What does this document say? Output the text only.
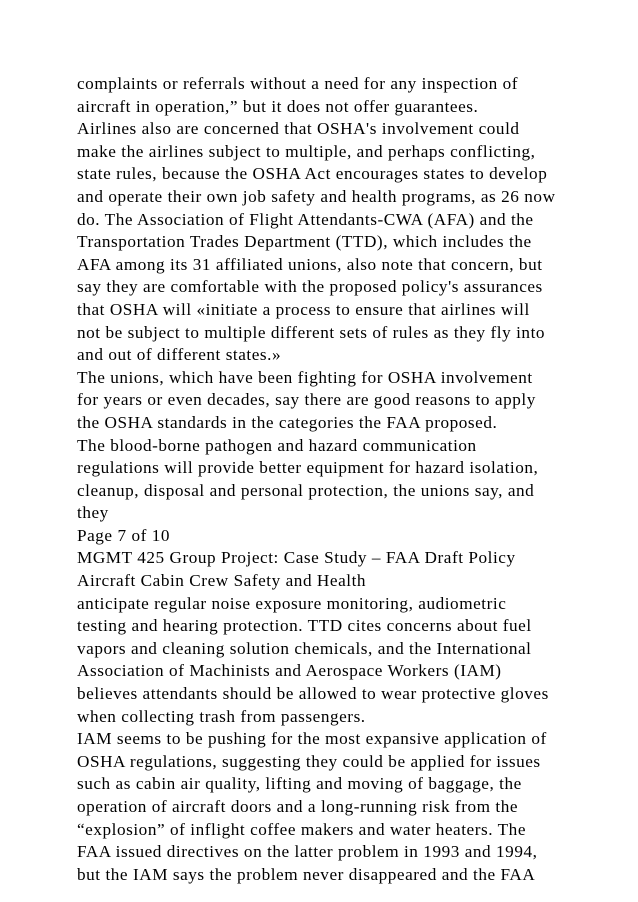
complaints or referrals without a need for any inspection of
aircraft in operation,” but it does not offer guarantees.
Airlines also are concerned that OSHA's involvement could
make the airlines subject to multiple, and perhaps conflicting,
state rules, because the OSHA Act encourages states to develop
and operate their own job safety and health programs, as 26 now
do. The Association of Flight Attendants-CWA (AFA) and the
Transportation Trades Department (TTD), which includes the
AFA among its 31 affiliated unions, also note that concern, but
say they are comfortable with the proposed policy's assurances
that OSHA will «initiate a process to ensure that airlines will
not be subject to multiple different sets of rules as they fly into
and out of different states.»
The unions, which have been fighting for OSHA involvement
for years or even decades, say there are good reasons to apply
the OSHA standards in the categories the FAA proposed.
The blood-borne pathogen and hazard communication
regulations will provide better equipment for hazard isolation,
cleanup, disposal and personal protection, the unions say, and
they
Page 7 of 10
MGMT 425 Group Project: Case Study – FAA Draft Policy
Aircraft Cabin Crew Safety and Health
anticipate regular noise exposure monitoring, audiometric
testing and hearing protection. TTD cites concerns about fuel
vapors and cleaning solution chemicals, and the International
Association of Machinists and Aerospace Workers (IAM)
believes attendants should be allowed to wear protective gloves
when collecting trash from passengers.
IAM seems to be pushing for the most expansive application of
OSHA regulations, suggesting they could be applied for issues
such as cabin air quality, lifting and moving of baggage, the
operation of aircraft doors and a long-running risk from the
“explosion” of inflight coffee makers and water heaters. The
FAA issued directives on the latter problem in 1993 and 1994,
but the IAM says the problem never disappeared and the FAA
